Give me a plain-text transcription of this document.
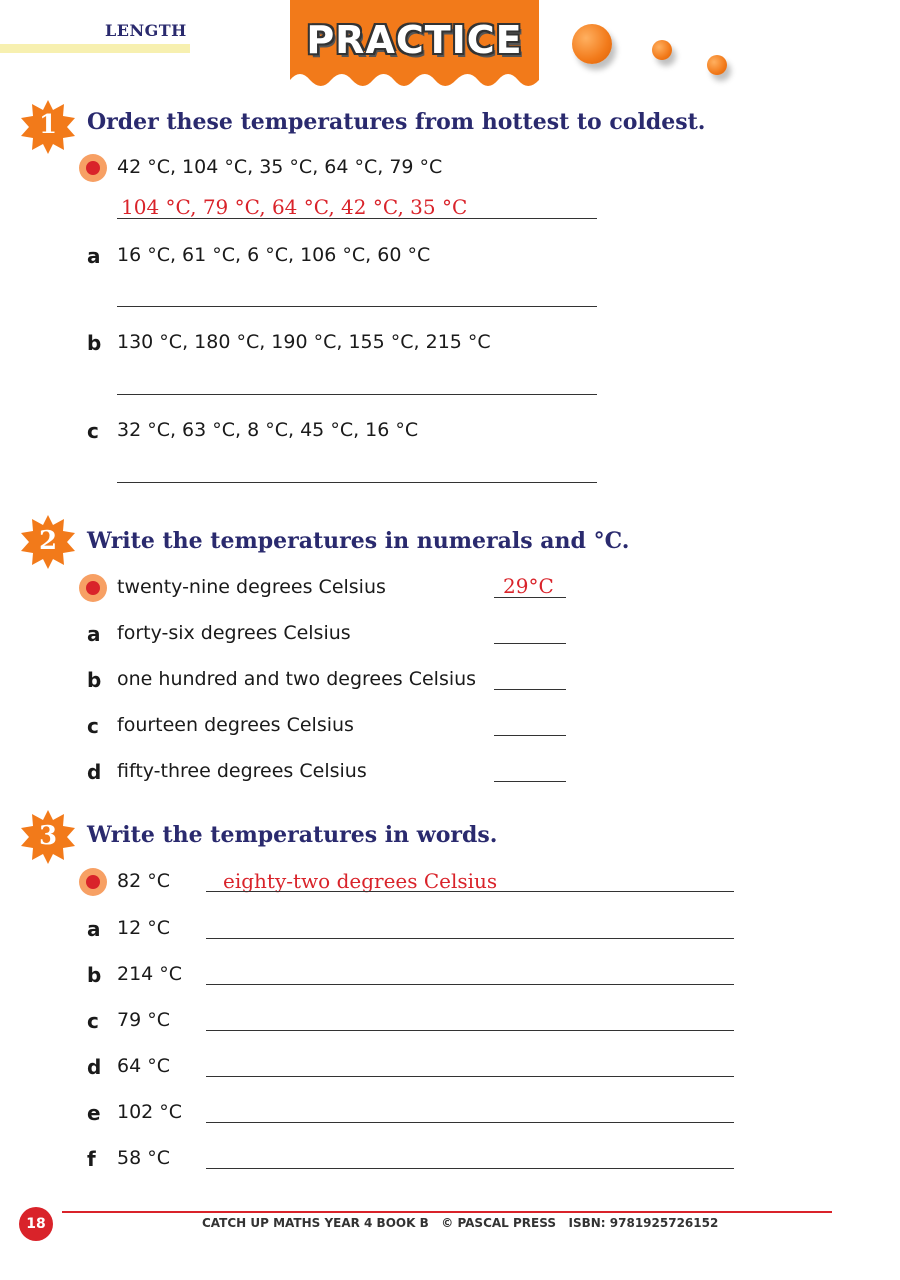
LENGTH	PRACTICE
1 Order these temperatures from hottest to coldest.
42 °C, 104 °C, 35 °C, 64 °C, 79 °C
104 °C, 79 °C, 64 °C, 42 °C, 35 °C
a 16 °C, 61 °C, 6 °C, 106 °C, 60 °C
b 130 °C, 180 °C, 190 °C, 155 °C, 215 °C
c 32 °C, 63 °C, 8 °C, 45 °C, 16 °C
2 Write the temperatures in numerals and °C.
twenty-nine degrees Celsius	29°C
a forty-six degrees Celsius
b one hundred and two degrees Celsius
c fourteen degrees Celsius
d fifty-three degrees Celsius
3 Write the temperatures in words.
82 °C	eighty-two degrees Celsius
a 12 °C
b 214 °C
c 79 °C
d 64 °C
e 102 °C
f 58 °C
18	CATCH UP MATHS YEAR 4 BOOK B   © PASCAL PRESS   ISBN: 9781925726152
